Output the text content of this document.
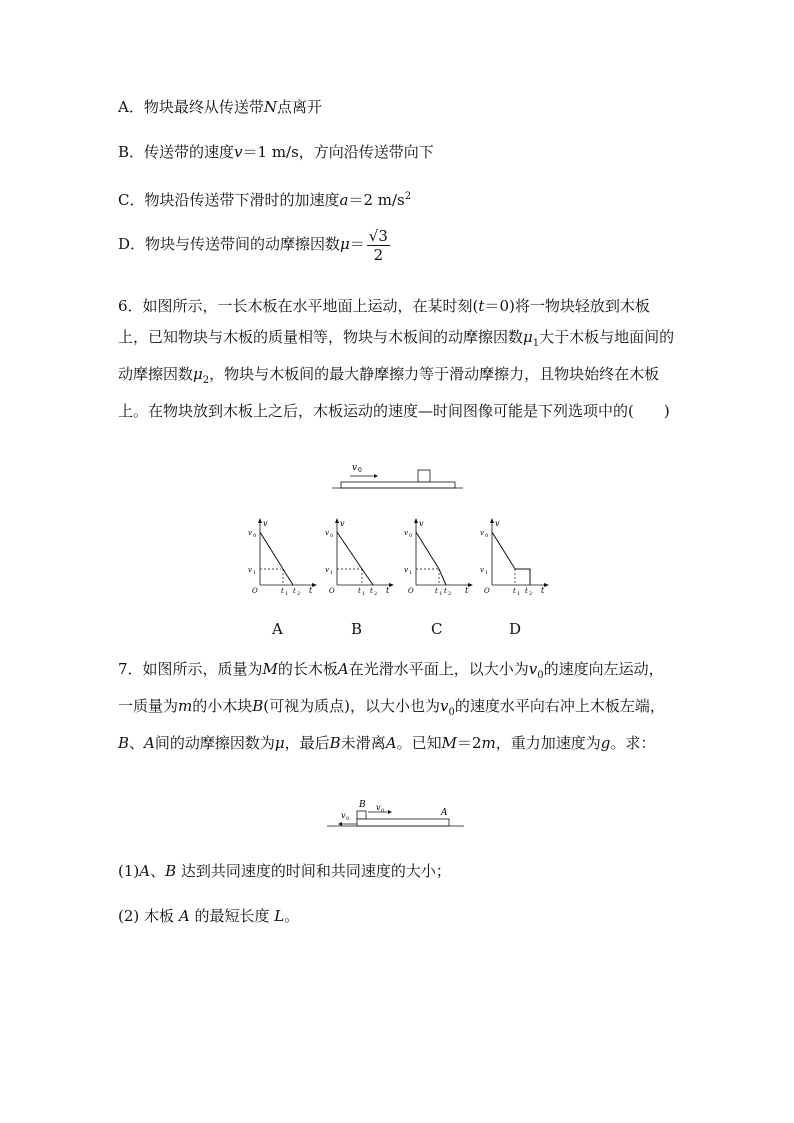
A．物块最终从传送带N点离开
B．传送带的速度v＝1 m/s，方向沿传送带向下
C．物块沿传送带下滑时的加速度a＝2 $m/s^2$
D．物块与传送带间的动摩擦因数$\mu= \frac{√3}{2}$
6．如图所示，一长木板在水平地面上运动，在某时刻(t＝0)将一物块轻放到木板上，已知物块与木板的质量相等，物块与木板间的动摩擦因数$\mu_1$大于木板与地面间的动摩擦因数$\mu_2$，物块与木板间的最大静摩擦力等于滑动摩擦力，且物块始终在木板上。在物块放到木板上之后，木板运动的速度—时间图像可能是下列选项中的(　　)
v 0
v
v 0
v 1
O	t 1 t 2 t
v
v 0
v 1
O	t 1 t 2 t
v
v 0
v 1
O	t 1 t 2 t
v
v 0
v 1
O	t 1 t 2 t
A	B	C	D
7．如图所示，质量为M的长木板A在光滑水平面上，以大小为$v_0$的速度向左运动，一质量为m的小木块B(可视为质点)，以大小也为$v_0$的速度水平向右冲上木板左端，B、A间的动摩擦因数为μ，最后B未滑离A。已知M＝2m，重力加速度为g。求：
B
A
v 0
v 0
(1)A、B 达到共同速度的时间和共同速度的大小；
(2) 木板 A 的最短长度 L。
